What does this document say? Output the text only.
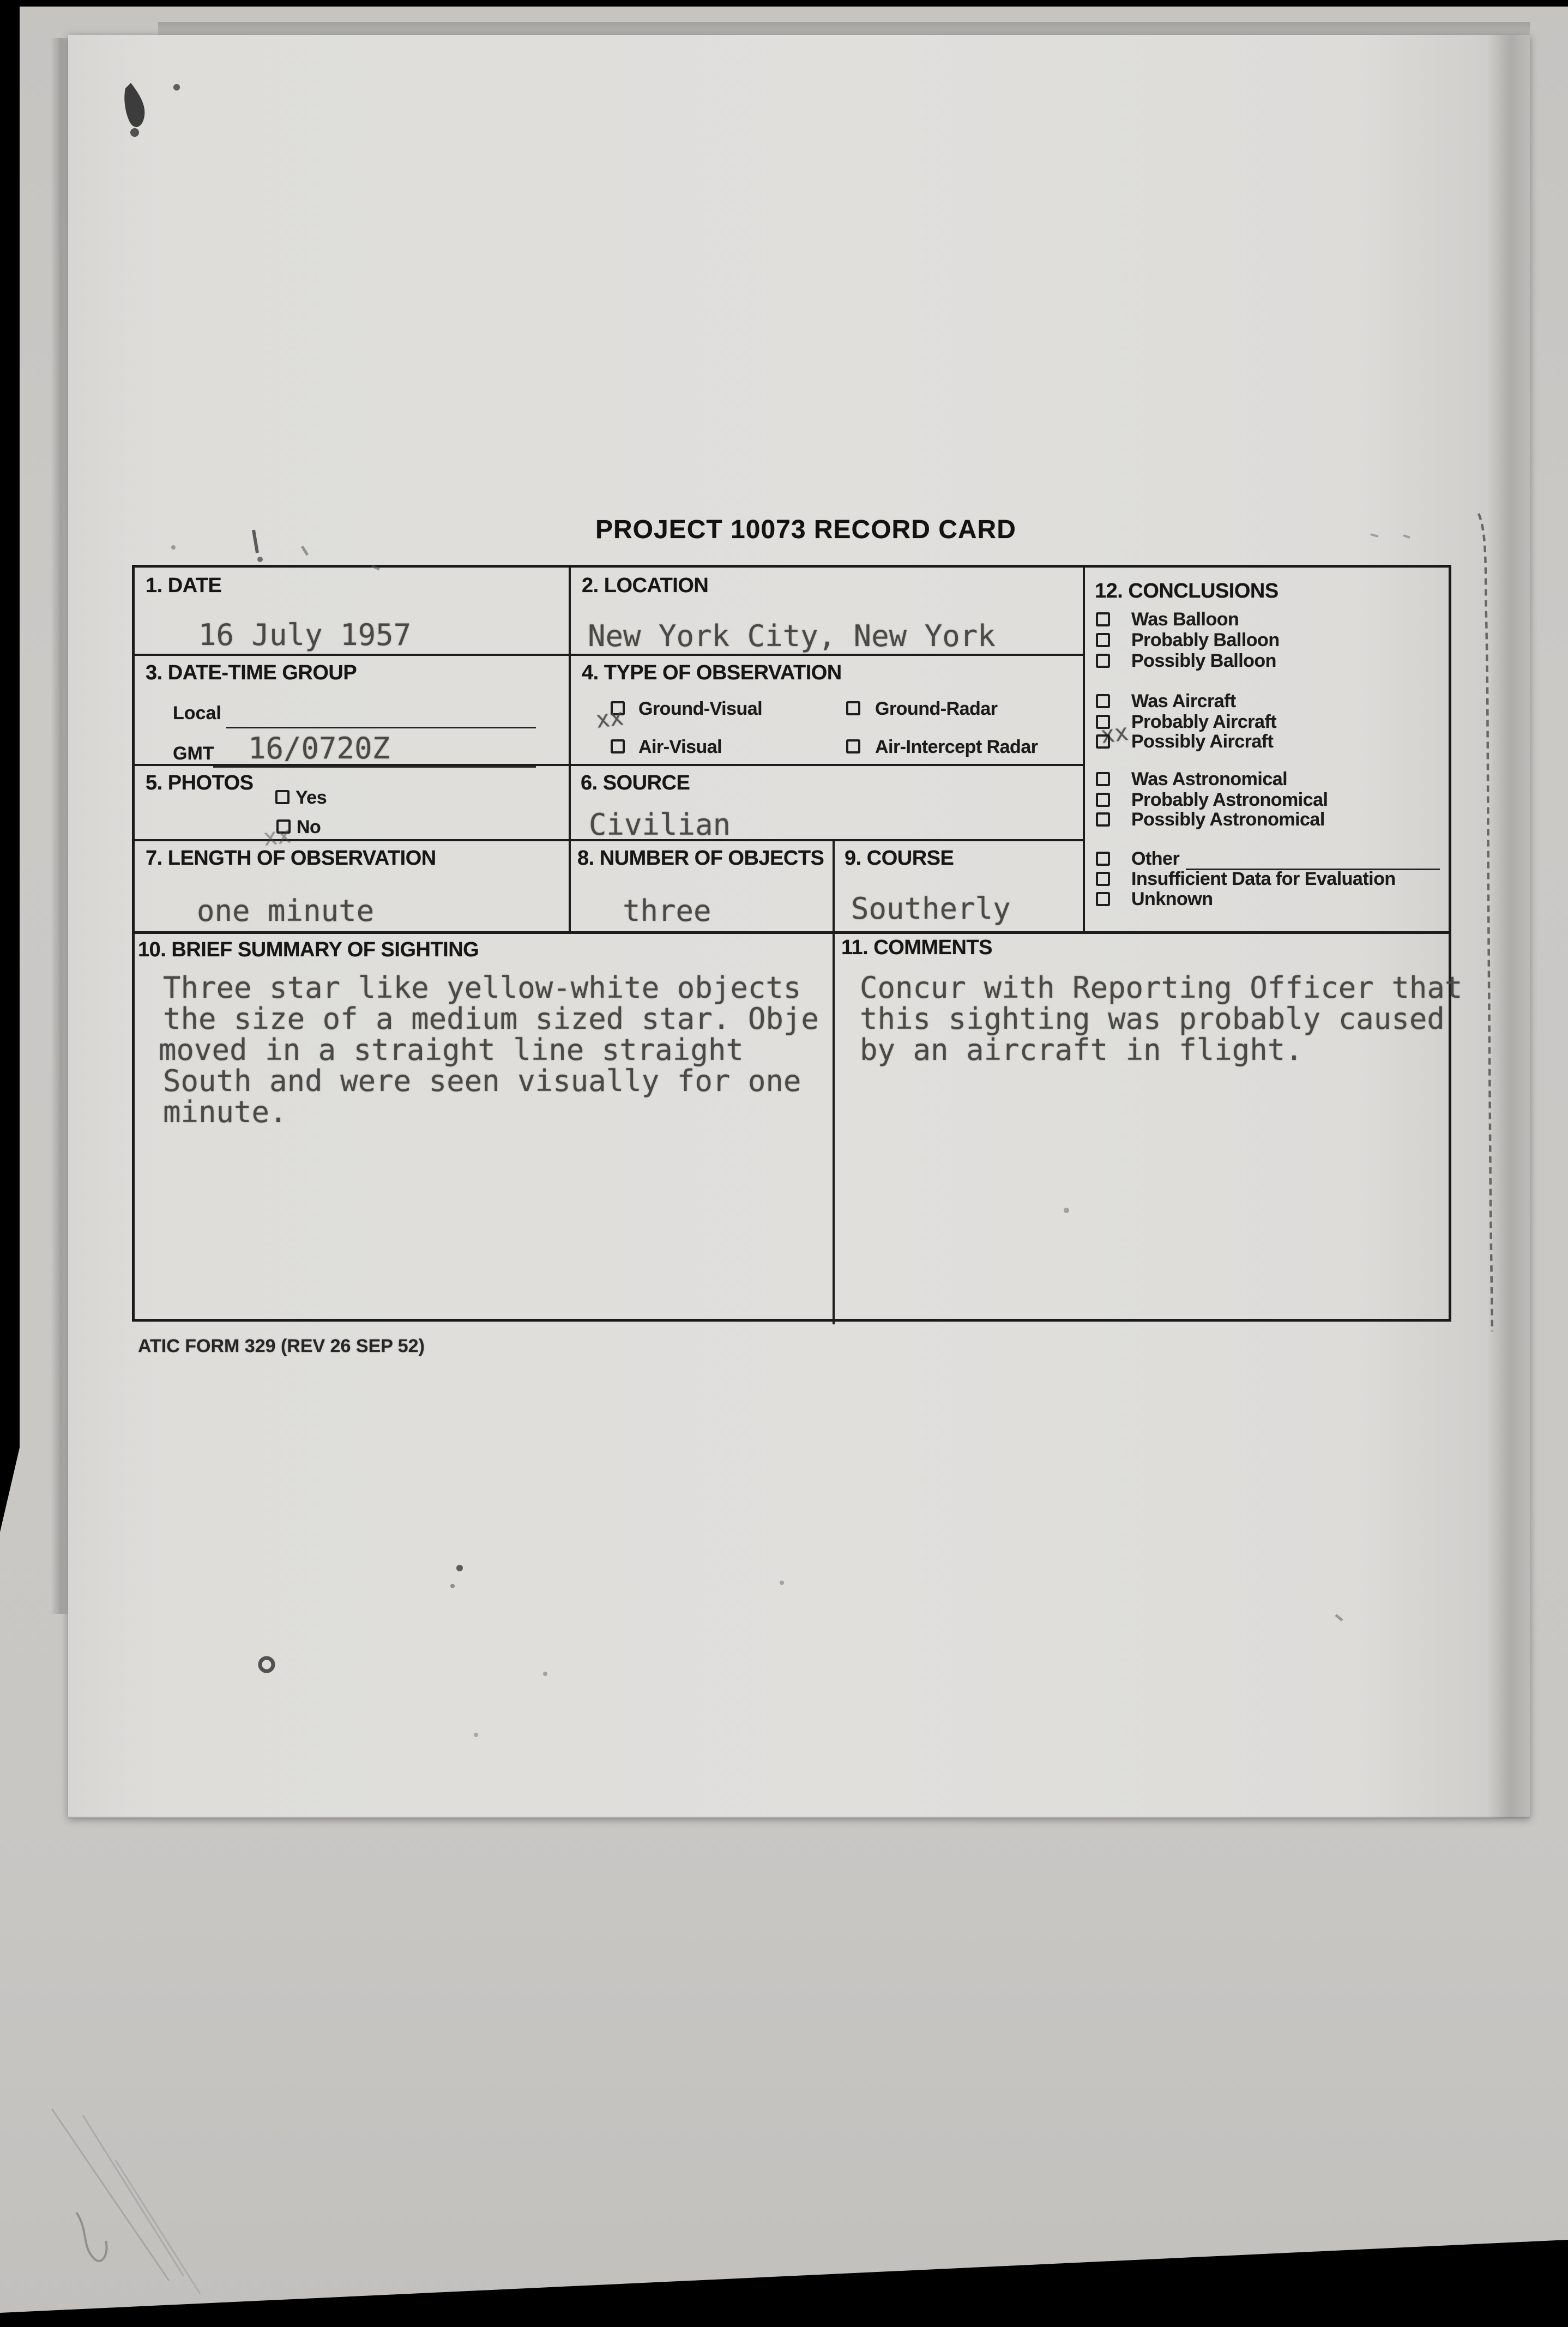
PROJECT 10073 RECORD CARD
1. DATE
16 July 1957
2. LOCATION
New York City, New York
3. DATE-TIME GROUP
Local
GMT 16/0720Z
4. TYPE OF OBSERVATION
xx Ground-Visual	Ground-Radar
Air-Visual	Air-Intercept Radar
5. PHOTOS
Yes
xx No
6. SOURCE
Civilian
7. LENGTH OF OBSERVATION
one minute
8. NUMBER OF OBJECTS
three
9. COURSE
Southerly
12. CONCLUSIONS
Was Balloon
Probably Balloon
Possibly Balloon
Was Aircraft
xx Probably Aircraft
Possibly Aircraft
Was Astronomical
Probably Astronomical
Possibly Astronomical
Other
Insufficient Data for Evaluation
Unknown
10. BRIEF SUMMARY OF SIGHTING
Three star like yellow-white objects
the size of a medium sized star. Obje
moved in a straight line straight
South and were seen visually for one
minute.
11. COMMENTS
Concur with Reporting Officer that
this sighting was probably caused
by an aircraft in flight.
ATIC FORM 329 (REV 26 SEP 52)
